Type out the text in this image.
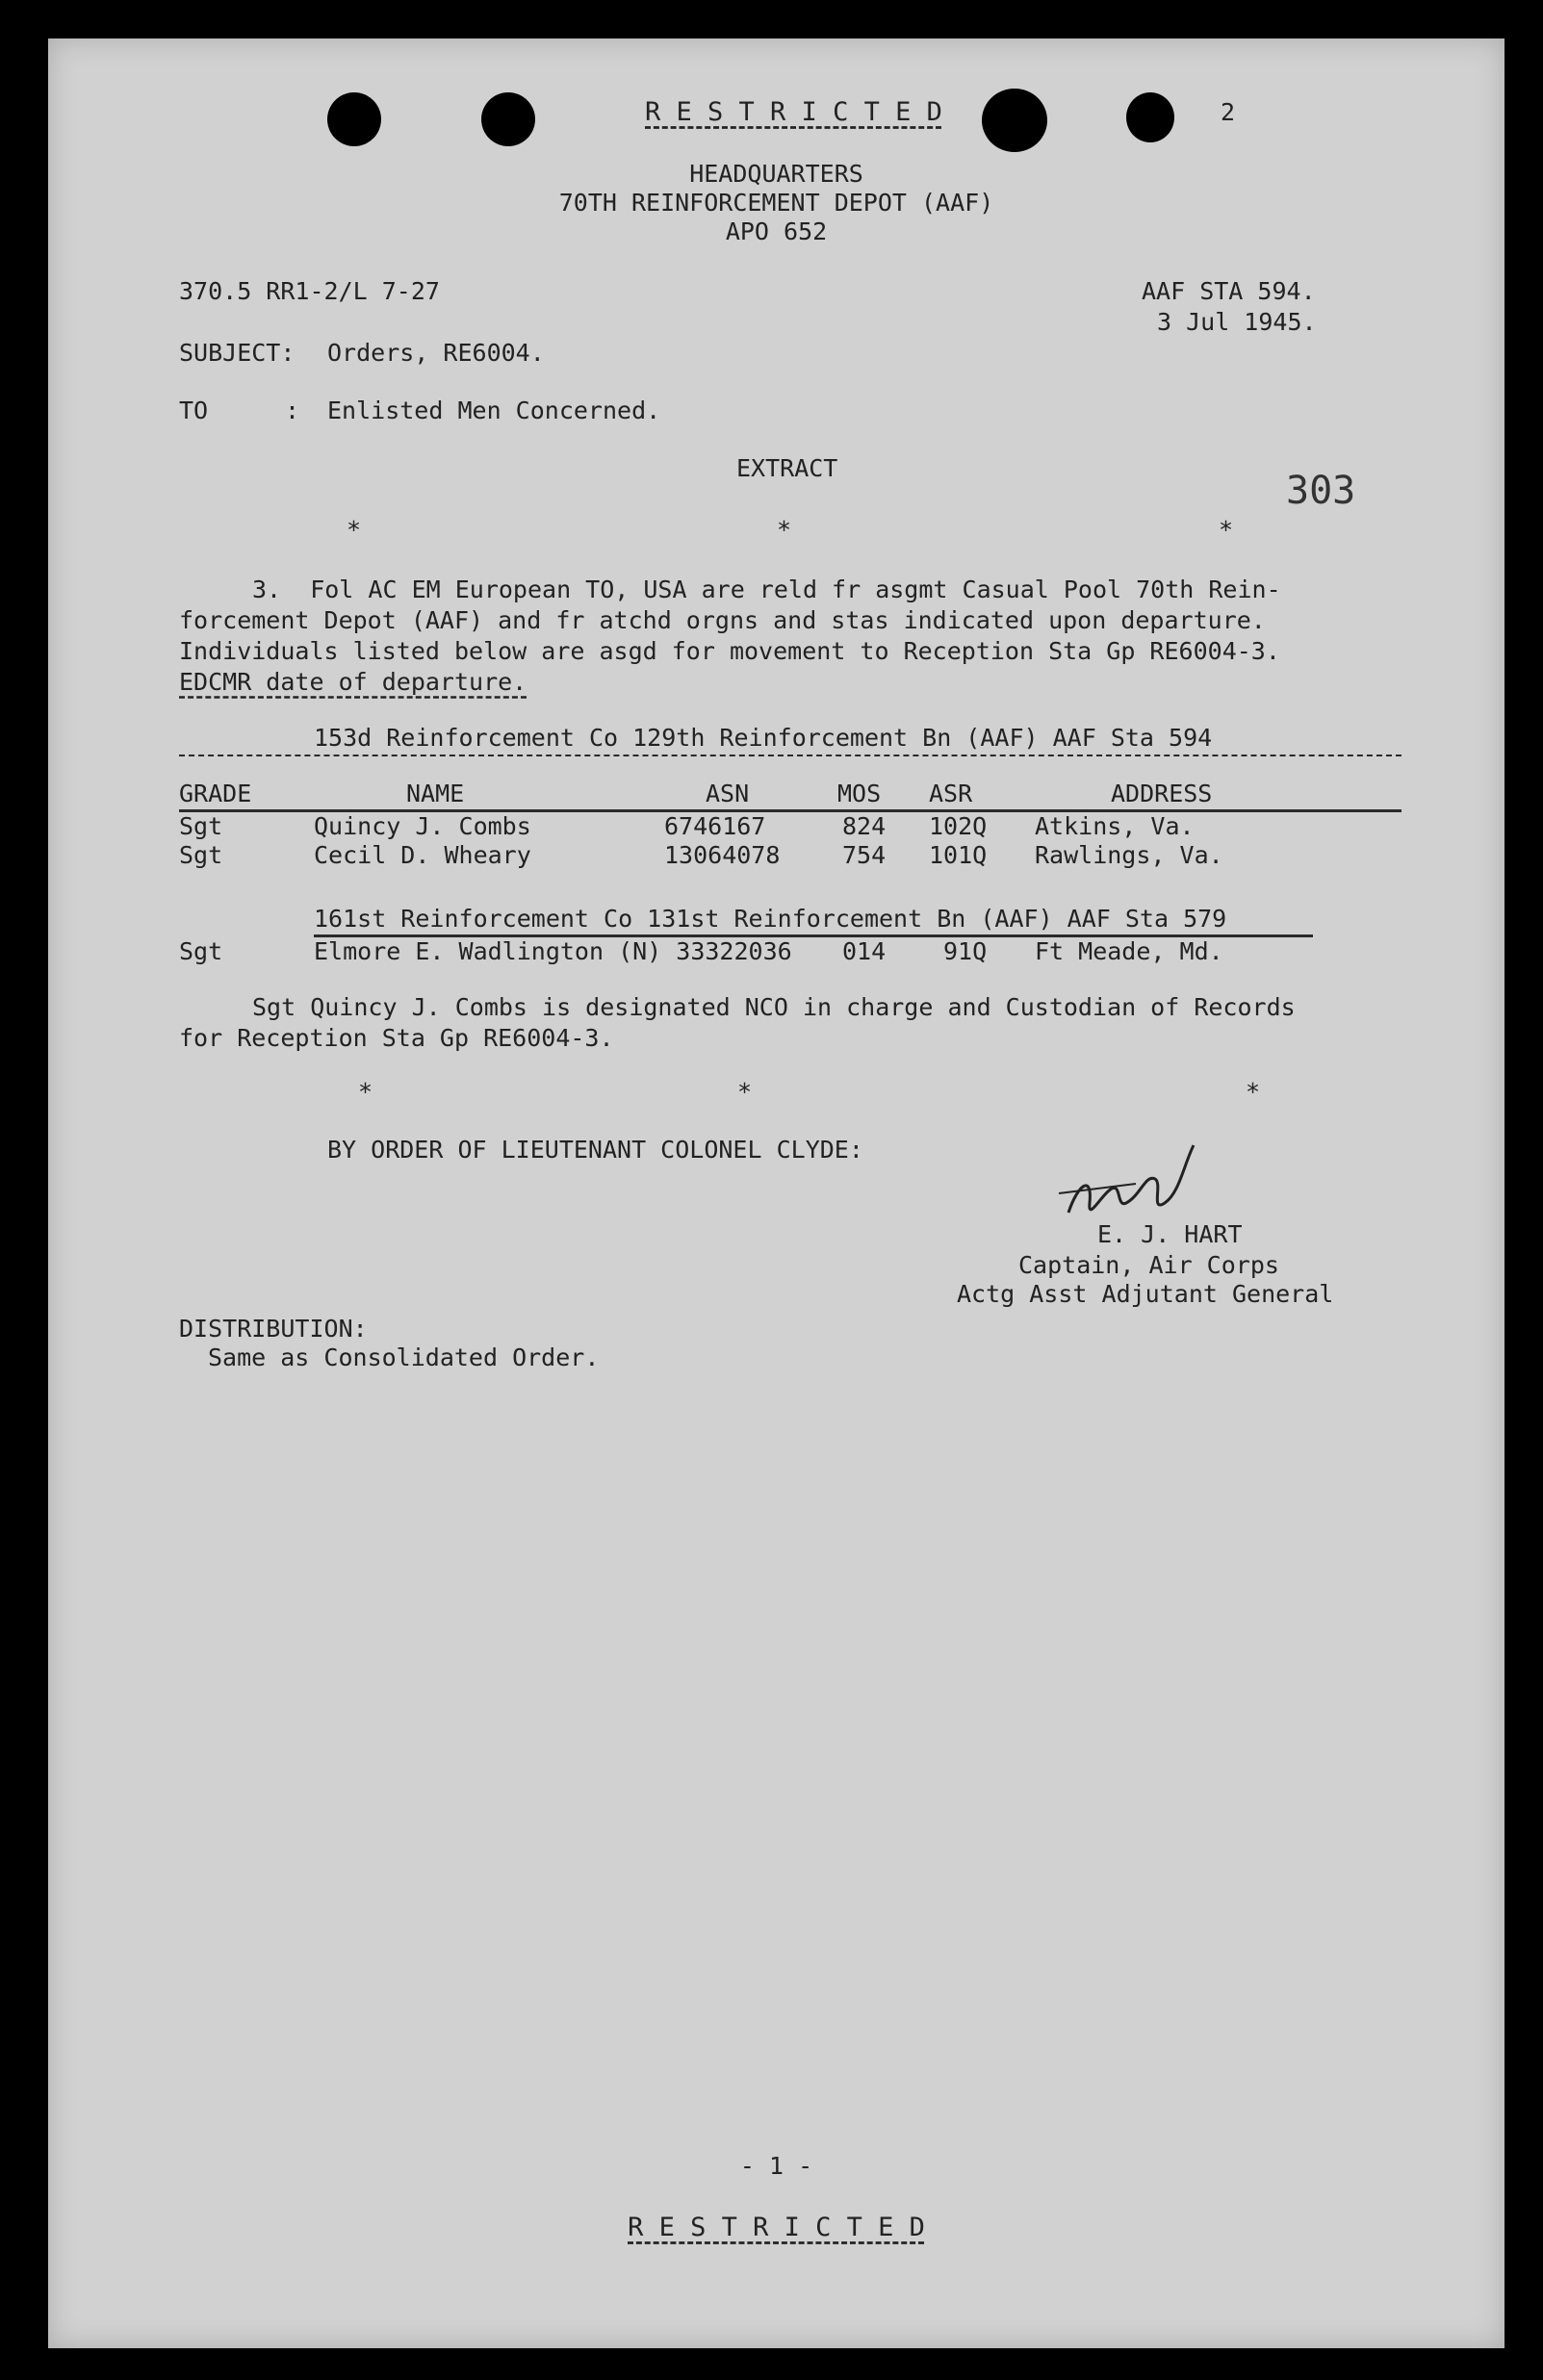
R E S T R I C T E D	2
HEADQUARTERS
70TH REINFORCEMENT DEPOT (AAF)
APO 652
370.5 RR1-2/L 7-27	AAF STA 594.
3 Jul 1945.
SUBJECT: Orders, RE6004.
TO	: Enlisted Men Concerned.
EXTRACT
303
*	*	*
3.  Fol AC EM European TO, USA are reld fr asgmt Casual Pool 70th Rein-
forcement Depot (AAF) and fr atchd orgns and stas indicated upon departure.
Individuals listed below are asgd for movement to Reception Sta Gp RE6004-3.
EDCMR date of departure.
153d Reinforcement Co 129th Reinforcement Bn (AAF) AAF Sta 594
GRADE	NAME	ASN	MOS ASR	ADDRESS
Sgt	Quincy J. Combs	6746167	824 102Q Atkins, Va.
Sgt	Cecil D. Wheary	13064078	754 101Q Rawlings, Va.
161st Reinforcement Co 131st Reinforcement Bn (AAF) AAF Sta 579
Sgt	Elmore E. Wadlington (N) 33322036 014 91Q Ft Meade, Md.
Sgt Quincy J. Combs is designated NCO in charge and Custodian of Records
for Reception Sta Gp RE6004-3.
*	*	*
BY ORDER OF LIEUTENANT COLONEL CLYDE:
E. J. HART
Captain, Air Corps
Actg Asst Adjutant General
DISTRIBUTION:
Same as Consolidated Order.
- 1 -
R E S T R I C T E D
